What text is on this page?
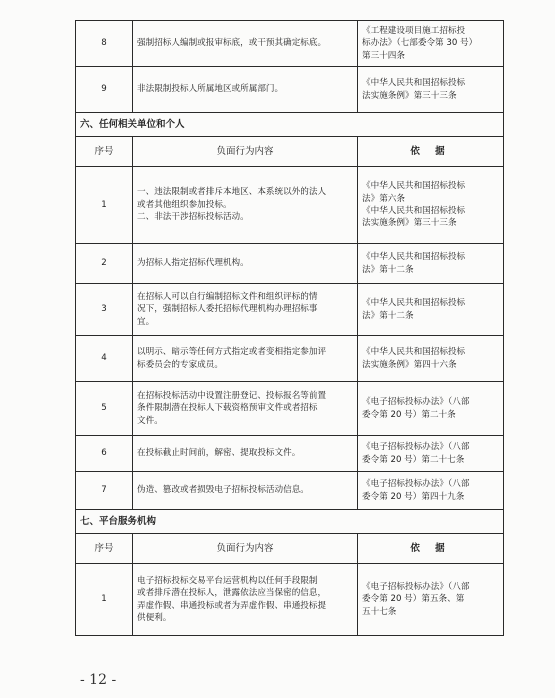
8	强制招标人编制或报审标底，或干预其确定标底。	《工程建设项目施工招标投
标办法》（七部委令第 30 号）
第三十四条
9	非法限制投标人所属地区或所属部门。	《中华人民共和国招标投标
法实施条例》第三十三条
六、任何相关单位和个人		
序号	负面行为内容	依 据
1	一、违法限制或者排斥本地区、本系统以外的法人
或者其他组织参加投标。
二、非法干涉招标投标活动。	《中华人民共和国招标投标
法》第六条
《中华人民共和国招标投标
法实施条例》第三十三条
2	为招标人指定招标代理机构。	《中华人民共和国招标投标
法》第十二条
3	在招标人可以自行编制招标文件和组织评标的情
况下，强制招标人委托招标代理机构办理招标事
宜。	《中华人民共和国招标投标
法》第十二条
4	以明示、暗示等任何方式指定或者变相指定参加评
标委员会的专家成员。	《中华人民共和国招标投标
法实施条例》第四十六条
5	在招标投标活动中设置注册登记、投标报名等前置
条件限制潜在投标人下载资格预审文件或者招标
文件。	《电子招标投标办法》（八部
委令第 20 号）第二十条
6	在投标截止时间前，解密、提取投标文件。	《电子招标投标办法》（八部
委令第 20 号）第二十七条
7	伪造、篡改或者损毁电子招标投标活动信息。	《电子招标投标办法》（八部
委令第 20 号）第四十九条
七、平台服务机构		
序号	负面行为内容	依 据
1	电子招标投标交易平台运营机构以任何手段限制
或者排斥潜在投标人，泄露依法应当保密的信息，
弄虚作假、串通投标或者为弄虚作假、串通投标提
供便利。	《电子招标投标办法》（八部
委令第 20 号）第五条、第
五十七条
- 12 -
